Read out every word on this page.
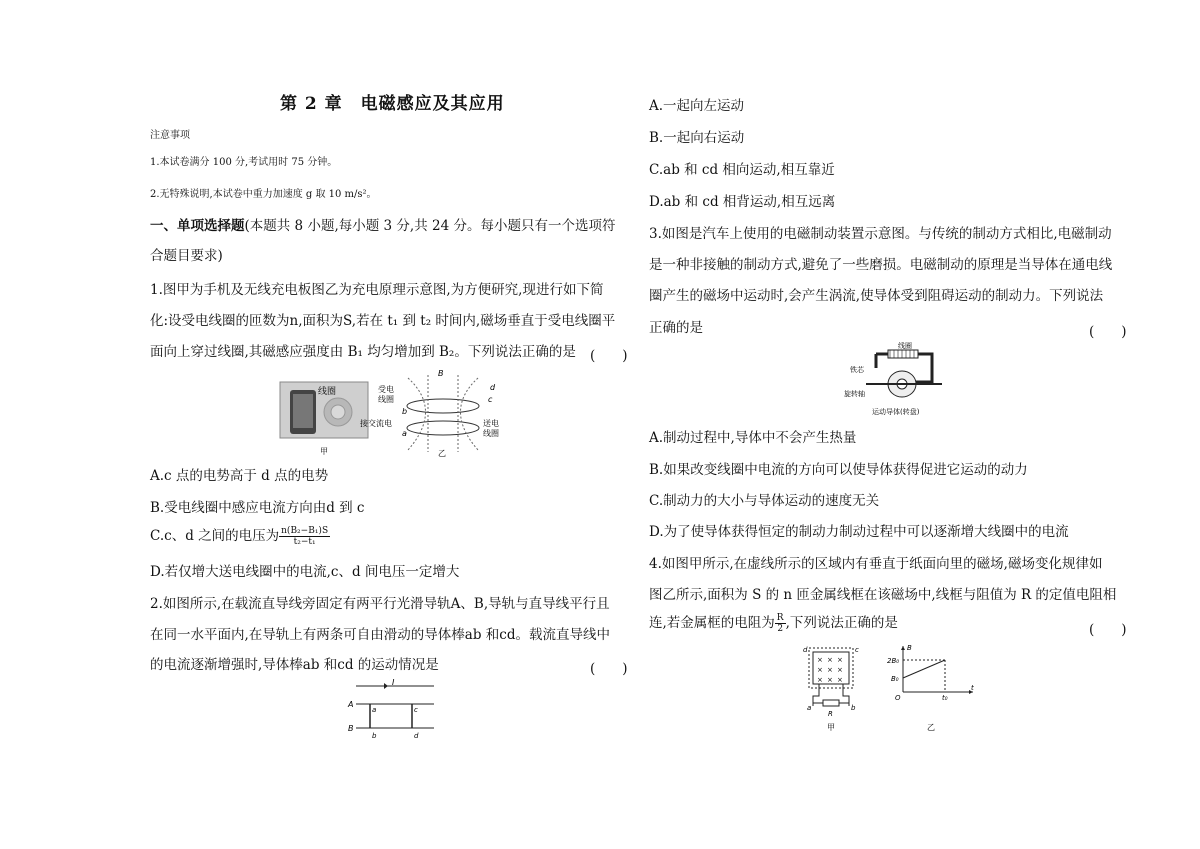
第 2 章　电磁感应及其应用
注意事项
1.本试卷满分 100 分,考试用时 75 分钟。
2.无特殊说明,本试卷中重力加速度 g 取 10 m/s²。
一、单项选择题(本题共 8 小题,每小题 3 分,共 24 分。每小题只有一个选项符
合题目要求)
1.图甲为手机及无线充电板图乙为充电原理示意图,为方便研究,现进行如下简
化:设受电线圈的匝数为n,面积为S,若在 t₁ 到 t₂ 时间内,磁场垂直于受电线圈平
面向上穿过线圈,其磁感应强度由 B₁ 均匀增加到 B₂。下列说法正确的是 (　　)
线圈
甲
B
受电
线圈
接交流电	送电
线圈
d
c
b
a
乙
A.c 点的电势高于 d 点的电势
B.受电线圈中感应电流方向由d 到 c
C.c、d 之间的电压为 $\frac{\text{n(B₂−B₁)S}}{\text{t₂−t₁}}$
D.若仅增大送电线圈中的电流,c、d 间电压一定增大
2.如图所示,在载流直导线旁固定有两平行光滑导轨A、B,导轨与直导线平行且
在同一水平面内,在导轨上有两条可自由滑动的导体棒ab 和cd。载流直导线中
的电流逐渐增强时,导体棒ab 和cd 的运动情况是	(　　)
I
A
B
a
b
c
d
A.一起向左运动
B.一起向右运动
C.ab 和 cd 相向运动,相互靠近
D.ab 和 cd 相背运动,相互远离
3.如图是汽车上使用的电磁制动装置示意图。与传统的制动方式相比,电磁制动
是一种非接触的制动方式,避免了一些磨损。电磁制动的原理是当导体在通电线
圈产生的磁场中运动时,会产生涡流,使导体受到阻碍运动的制动力。下列说法
正确的是	(　　)
线圈
铁芯
旋转轴
运动导体(转盘)
A.制动过程中,导体中不会产生热量
B.如果改变线圈中电流的方向可以使导体获得促进它运动的动力
C.制动力的大小与导体运动的速度无关
D.为了使导体获得恒定的制动力制动过程中可以逐渐增大线圈中的电流
4.如图甲所示,在虚线所示的区域内有垂直于纸面向里的磁场,磁场变化规律如
图乙所示,面积为 S 的 n 匝金属线框在该磁场中,线框与阻值为 R 的定值电阻相
连,若金属框的电阻为 $\frac{R}{2}$ ,下列说法正确的是	(　　)
× × ×
× × ×
× × ×
R
d	c
a	b
甲
B
2B₀
B₀
O	t₀
t
乙
